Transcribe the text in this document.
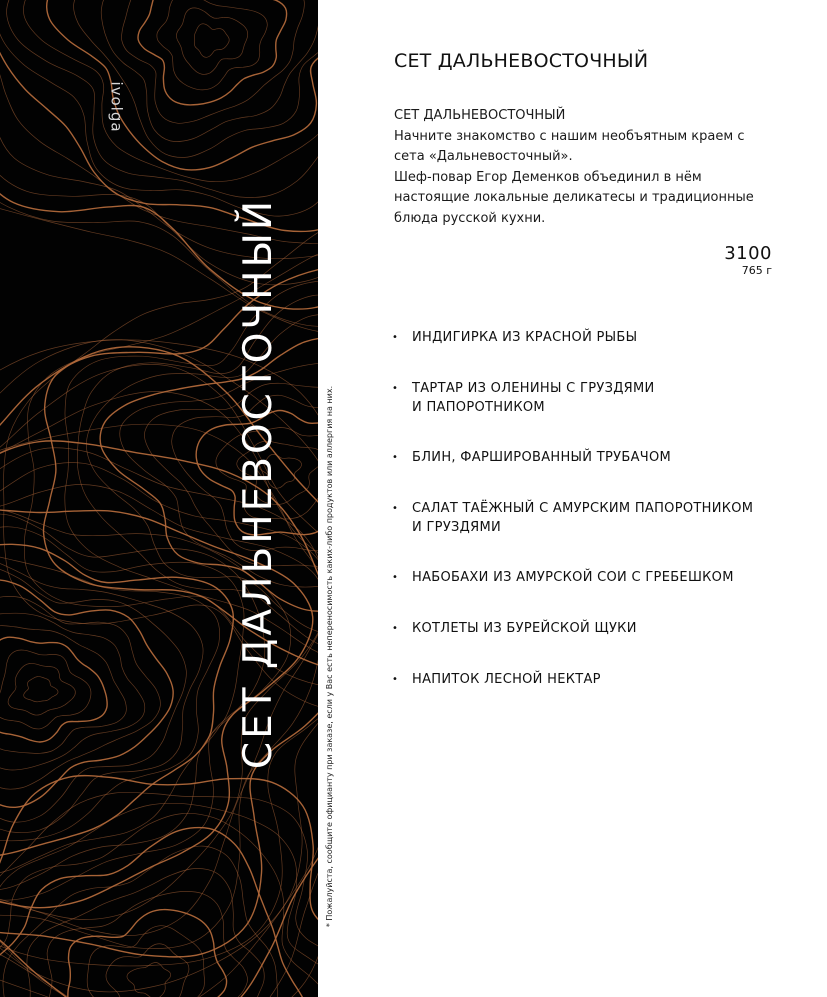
ivolga
СЕТ ДАЛЬНЕВОСТОЧНЫЙ	* Пожалуйста, сообщите официанту при заказе, если у Вас есть непереносимость каких-либо продуктов или аллергия на них.
СЕТ ДАЛЬНЕВОСТОЧНЫЙ
СЕТ ДАЛЬНЕВОСТОЧНЫЙ
Начните знакомство с нашим необъятным краем с
сета «Дальневосточный».
Шеф-повар Егор Деменков объединил в нём
настоящие локальные деликатесы и традиционные
блюда русской кухни.
3100
765 г
• ИНДИГИРКА ИЗ КРАСНОЙ РЫБЫ
• ТАРТАР ИЗ ОЛЕНИНЫ С ГРУЗДЯМИ
И ПАПОРОТНИКОМ
• БЛИН, ФАРШИРОВАННЫЙ ТРУБАЧОМ
• САЛАТ ТАЁЖНЫЙ С АМУРСКИМ ПАПОРОТНИКОМ
И ГРУЗДЯМИ
• НАБОБАХИ ИЗ АМУРСКОЙ СОИ С ГРЕБЕШКОМ
• КОТЛЕТЫ ИЗ БУРЕЙСКОЙ ЩУКИ
• НАПИТОК ЛЕСНОЙ НЕКТАР
